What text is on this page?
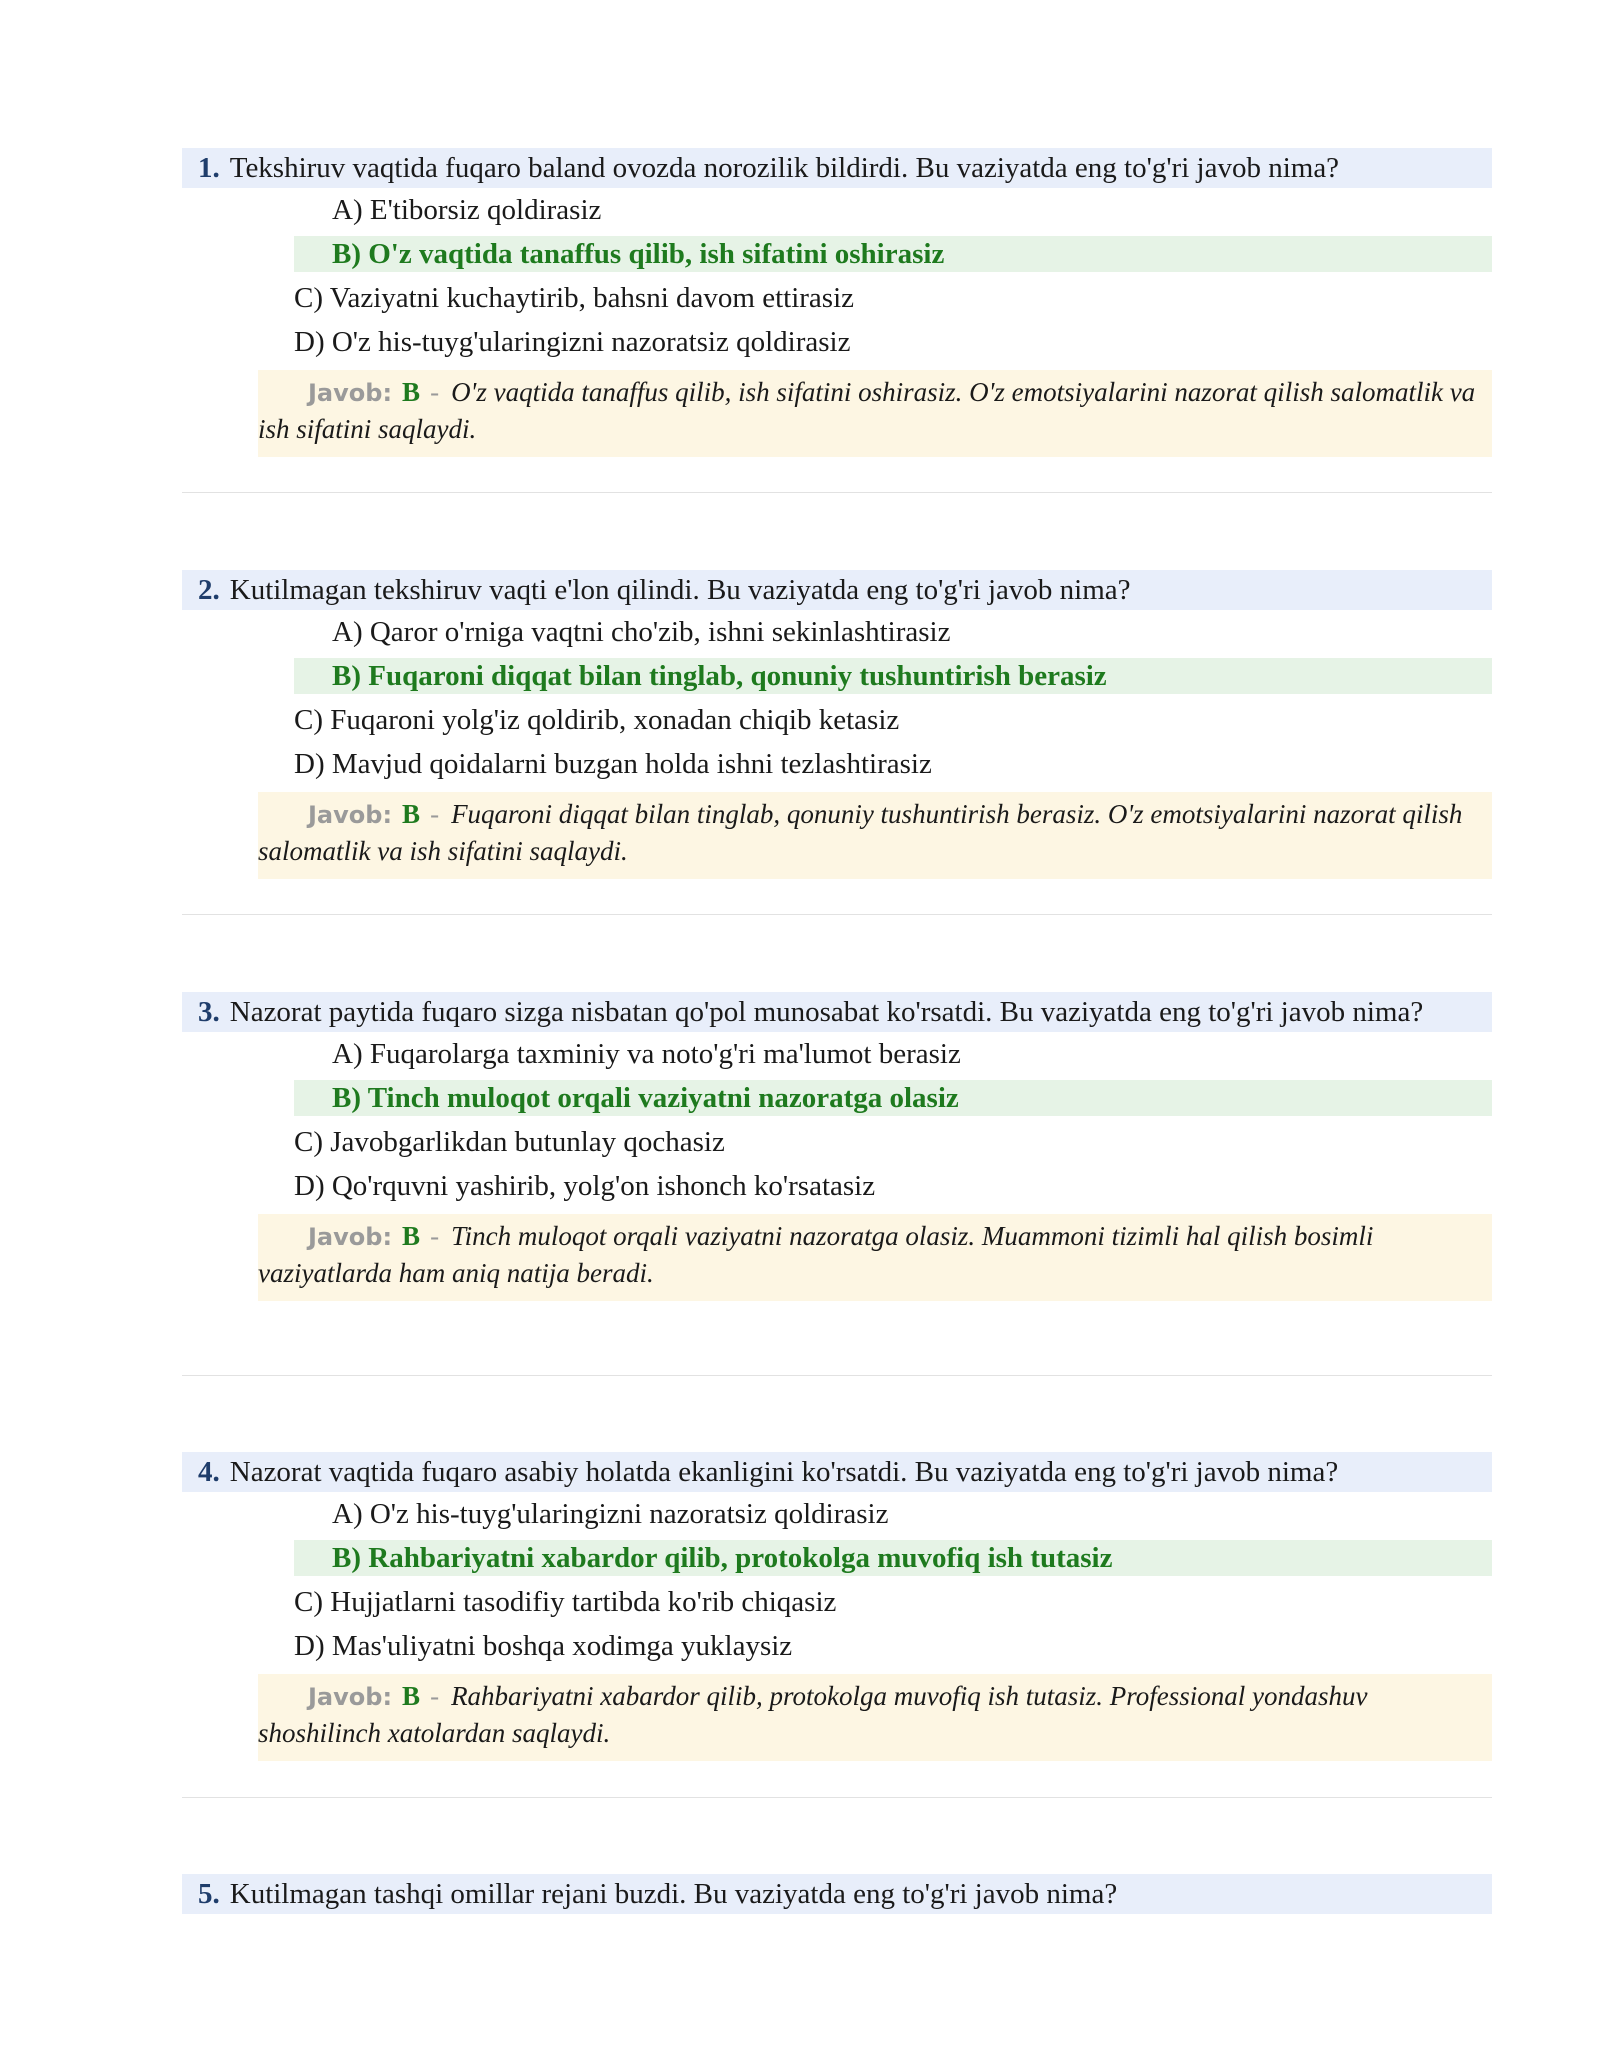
1. Tekshiruv vaqtida fuqaro baland ovozda norozilik bildirdi. Bu vaziyatda eng to'g'ri javob nima?

A) E'tiborsiz qoldirasiz
B) O'z vaqtida tanaffus qilib, ish sifatini oshirasiz
C) Vaziyatni kuchaytirib, bahsni davom ettirasiz
D) O'z his-tuyg'ularingizni nazoratsiz qoldirasiz
Javob: B - O'z vaqtida tanaffus qilib, ish sifatini oshirasiz. O'z emotsiyalarini nazorat qilish salomatlik va ish sifatini saqlaydi.

2. Kutilmagan tekshiruv vaqti e'lon qilindi. Bu vaziyatda eng to'g'ri javob nima?

A) Qaror o'rniga vaqtni cho'zib, ishni sekinlashtirasiz
B) Fuqaroni diqqat bilan tinglab, qonuniy tushuntirish berasiz
C) Fuqaroni yolg'iz qoldirib, xonadan chiqib ketasiz
D) Mavjud qoidalarni buzgan holda ishni tezlashtirasiz
Javob: B - Fuqaroni diqqat bilan tinglab, qonuniy tushuntirish berasiz. O'z emotsiyalarini nazorat qilish salomatlik va ish sifatini saqlaydi.

3. Nazorat paytida fuqaro sizga nisbatan qo'pol munosabat ko'rsatdi. Bu vaziyatda eng to'g'ri javob nima?

A) Fuqarolarga taxminiy va noto'g'ri ma'lumot berasiz
B) Tinch muloqot orqali vaziyatni nazoratga olasiz
C) Javobgarlikdan butunlay qochasiz
D) Qo'rquvni yashirib, yolg'on ishonch ko'rsatasiz
Javob: B - Tinch muloqot orqali vaziyatni nazoratga olasiz. Muammoni tizimli hal qilish bosimli vaziyatlarda ham aniq natija beradi.

4. Nazorat vaqtida fuqaro asabiy holatda ekanligini ko'rsatdi. Bu vaziyatda eng to'g'ri javob nima?

A) O'z his-tuyg'ularingizni nazoratsiz qoldirasiz
B) Rahbariyatni xabardor qilib, protokolga muvofiq ish tutasiz
C) Hujjatlarni tasodifiy tartibda ko'rib chiqasiz
D) Mas'uliyatni boshqa xodimga yuklaysiz
Javob: B - Rahbariyatni xabardor qilib, protokolga muvofiq ish tutasiz. Professional yondashuv shoshilinch xatolardan saqlaydi.

5. Kutilmagan tashqi omillar rejani buzdi. Bu vaziyatda eng to'g'ri javob nima?
